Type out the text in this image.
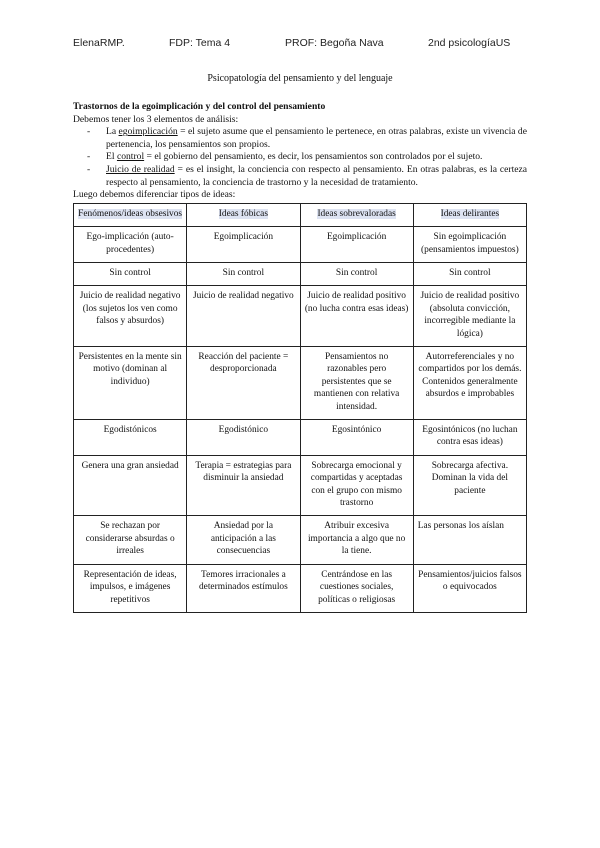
ElenaRMP.	FDP: Tema 4	PROF: Begoña Nava	2nd psicologíaUS
Psicopatología del pensamiento y del lenguaje

Trastornos de la egoimplicación y del control del pensamiento

Debemos tener los 3 elementos de análisis:

- La egoimplicación = el sujeto asume que el pensamiento le pertenece, en otras palabras, existe un vivencia de pertenencia, los pensamientos son propios.
- El control = el gobierno del pensamiento, es decir, los pensamientos son controlados por el sujeto.
- Juicio de realidad = es el insight, la conciencia con respecto al pensamiento. En otras palabras, es la certeza respecto al pensamiento, la conciencia de trastorno y la necesidad de tratamiento.

Luego debemos diferenciar tipos de ideas:

Fenómenos/ideas obsesivos	Ideas fóbicas	Ideas sobrevaloradas	Ideas delirantes
Ego-implicación (auto-procedentes)	Egoimplicación	Egoimplicación	Sin egoimplicación (pensamientos impuestos)
Sin control	Sin control	Sin control	Sin control
Juicio de realidad negativo (los sujetos los ven como falsos y absurdos)	Juicio de realidad negativo	Juicio de realidad positivo (no lucha contra esas ideas)	Juicio de realidad positivo (absoluta convicción, incorregible mediante la lógica)
Persistentes en la mente sin motivo (dominan al individuo)	Reacción del paciente = desproporcionada	Pensamientos no razonables pero persistentes que se mantienen con relativa intensidad.	Autorreferenciales y no compartidos por los demás. Contenidos generalmente absurdos e improbables
Egodistónicos	Egodistónico	Egosintónico	Egosintónicos (no luchan contra esas ideas)
Genera una gran ansiedad	Terapia = estrategias para disminuir la ansiedad	Sobrecarga emocional y compartidas y aceptadas con el grupo con mismo trastorno	Sobrecarga afectiva. Dominan la vida del paciente
Se rechazan por considerarse absurdas o irreales	Ansiedad por la anticipación a las consecuencias	Atribuir excesiva importancia a algo que no la tiene.	Las personas los aíslan
Representación de ideas, impulsos, e imágenes repetitivos	Temores irracionales a determinados estímulos	Centrándose en las cuestiones sociales, políticas o religiosas	Pensamientos/juicios falsos o equivocados
